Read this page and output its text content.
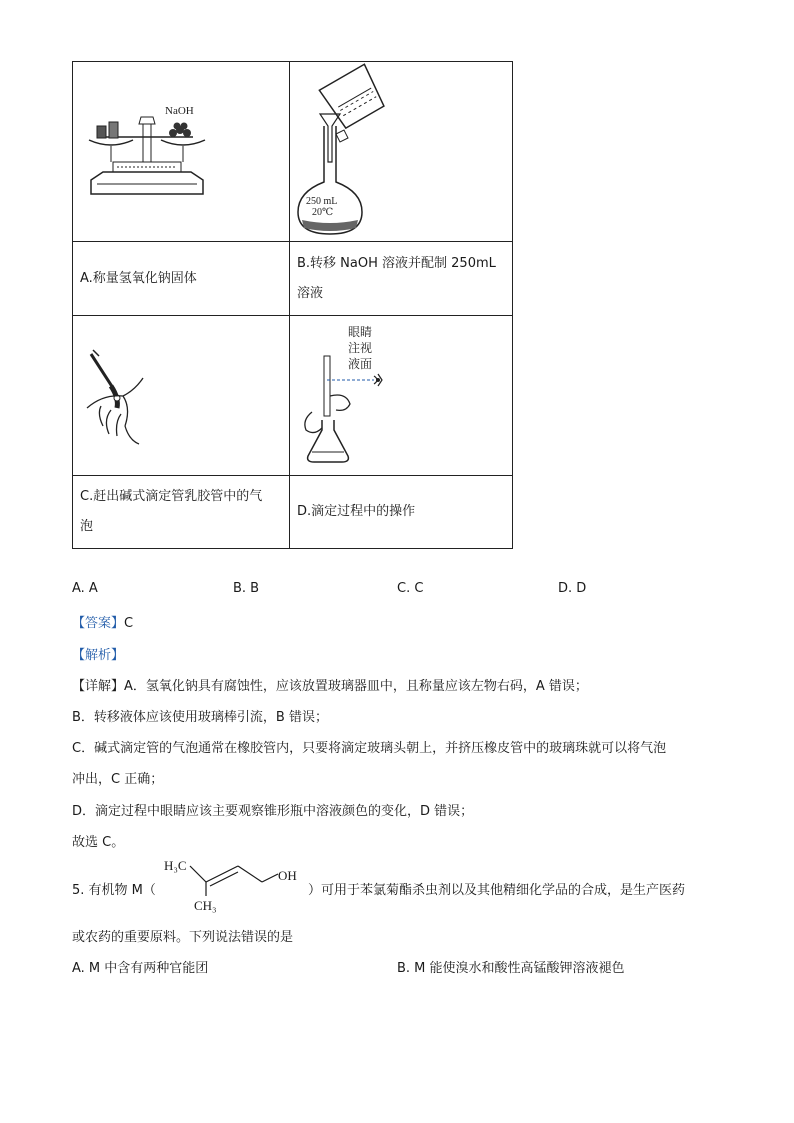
NaOH	250 mL
20℃

A.称量氢氧化钠固体	B.转移 NaOH 溶液并配制 250mL
溶液

眼睛
注视
液面

C.赶出碱式滴定管乳胶管中的气
泡	D.滴定过程中的操作
A. A	B. B	C. C	D. D
【答案】C
【解析】
【详解】A．氢氧化钠具有腐蚀性，应该放置玻璃器皿中，且称量应该左物右码，A 错误；
B．转移液体应该使用玻璃棒引流，B 错误；
C．碱式滴定管的气泡通常在橡胶管内，只要将滴定玻璃头朝上，并挤压橡皮管中的玻璃珠就可以将气泡
冲出，C 正确；
D．滴定过程中眼睛应该主要观察锥形瓶中溶液颜色的变化，D 错误；
故选 C。
5. 有机物 M（
H₃C
OH
CH₃
）可用于苯氯菊酯杀虫剂以及其他精细化学品的合成，是生产医药
或农药的重要原料。下列说法错误的是
A. M 中含有两种官能团	B. M 能使溴水和酸性高锰酸钾溶液褪色
